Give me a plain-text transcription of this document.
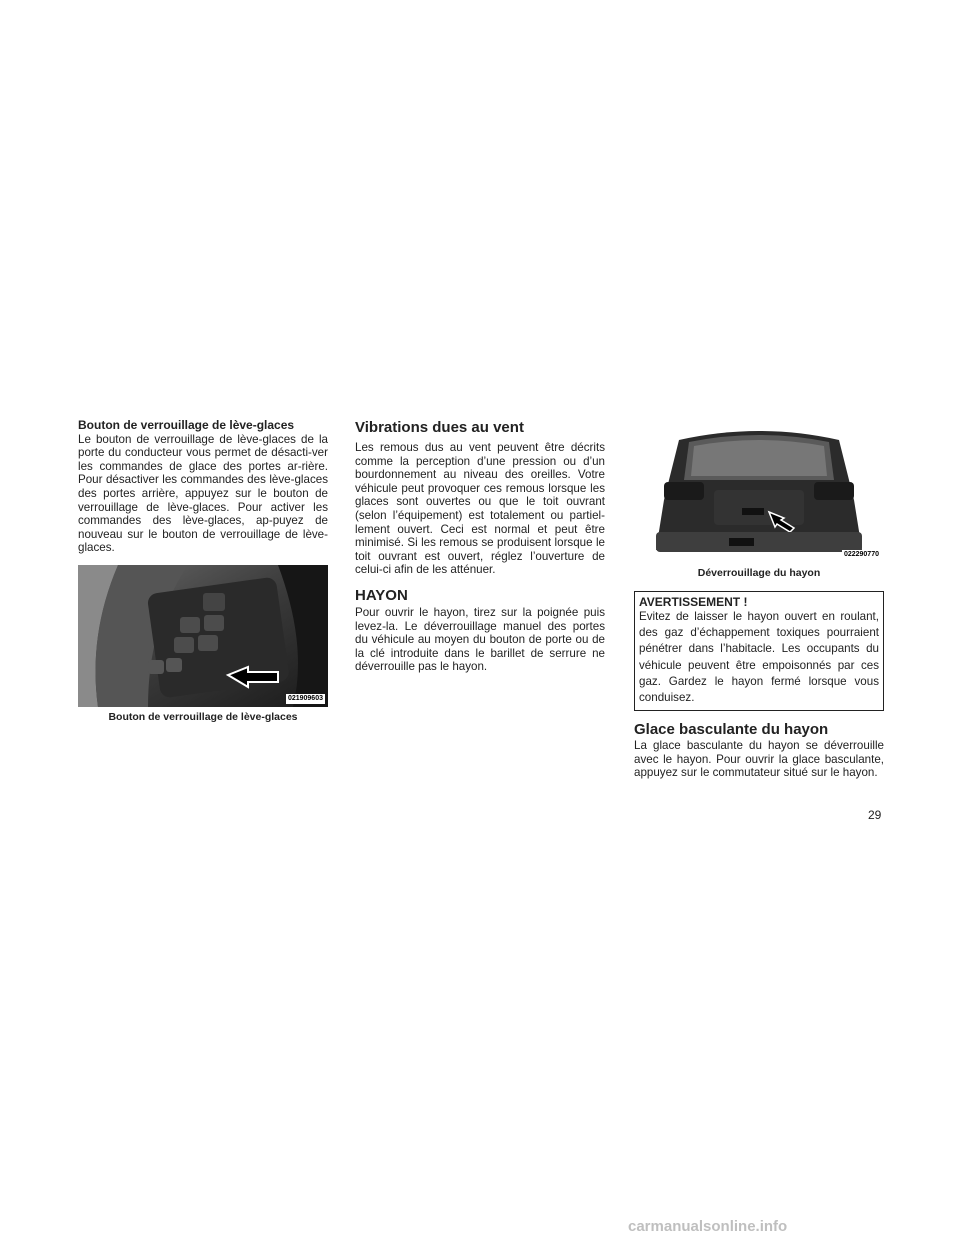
Bouton de verrouillage de lève-glaces

Le bouton de verrouillage de lève-glaces de la porte du conducteur vous permet de désacti-ver les commandes de glace des portes ar-rière. Pour désactiver les commandes des lève-glaces des portes arrière, appuyez sur le bouton de verrouillage de lève-glaces. Pour activer les commandes des lève-glaces, ap-puyez de nouveau sur le bouton de verrouillage de lève-glaces.

021909603
Bouton de verrouillage de lève-glaces
Vibrations dues au vent

Les remous dus au vent peuvent être décrits comme la perception d’une pression ou d’un bourdonnement au niveau des oreilles. Votre véhicule peut provoquer ces remous lorsque les glaces sont ouvertes ou que le toit ouvrant (selon l’équipement) est totalement ou partiel-lement ouvert. Ceci est normal et peut être minimisé. Si les remous se produisent lorsque le toit ouvrant est ouvert, réglez l’ouverture de celui-ci afin de les atténuer.

HAYON

Pour ouvrir le hayon, tirez sur la poignée puis levez-la. Le déverrouillage manuel des portes du véhicule au moyen du bouton de porte ou de la clé introduite dans le barillet de serrure ne déverrouille pas le hayon.

022290770
Déverrouillage du hayon
AVERTISSEMENT !

Evitez de laisser le hayon ouvert en roulant, des gaz d’échappement toxiques pourraient pénétrer dans l’habitacle. Les occupants du véhicule peuvent être empoisonnés par ces gaz. Gardez le hayon fermé lorsque vous conduisez.

Glace basculante du hayon

La glace basculante du hayon se déverrouille avec le hayon. Pour ouvrir la glace basculante, appuyez sur le commutateur situé sur le hayon.

29
carmanualsonline.info
